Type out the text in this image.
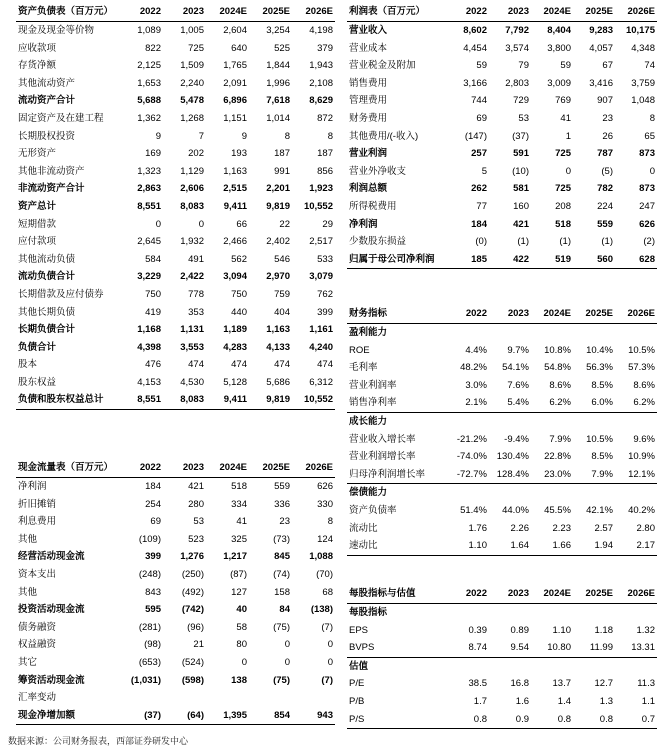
资产负债表（百万元）	2022	2023	2024E	2025E	2026E
现金及现金等价物	1,089	1,005	2,604	3,254	4,198
应收款项	822	725	640	525	379
存货净额	2,125	1,509	1,765	1,844	1,943
其他流动资产	1,653	2,240	2,091	1,996	2,108
流动资产合计	5,688	5,478	6,896	7,618	8,629
固定资产及在建工程	1,362	1,268	1,151	1,014	872
长期股权投资	9	7	9	8	8
无形资产	169	202	193	187	187
其他非流动资产	1,323	1,129	1,163	991	856
非流动资产合计	2,863	2,606	2,515	2,201	1,923
资产总计	8,551	8,083	9,411	9,819	10,552
短期借款	0	0	66	22	29
应付款项	2,645	1,932	2,466	2,402	2,517
其他流动负债	584	491	562	546	533
流动负债合计	3,229	2,422	3,094	2,970	3,079
长期借款及应付债券	750	778	750	759	762
其他长期负债	419	353	440	404	399
长期负债合计	1,168	1,131	1,189	1,163	1,161
负债合计	4,398	3,553	4,283	4,133	4,240
股本	476	474	474	474	474
股东权益	4,153	4,530	5,128	5,686	6,312
负债和股东权益总计	8,551	8,083	9,411	9,819	10,552
利润表（百万元）	2022	2023	2024E	2025E	2026E
营业收入	8,602	7,792	8,404	9,283	10,175
营业成本	4,454	3,574	3,800	4,057	4,348
营业税金及附加	59	79	59	67	74
销售费用	3,166	2,803	3,009	3,416	3,759
管理费用	744	729	769	907	1,048
财务费用	69	53	41	23	8
其他费用/(-收入)	(147)	(37)	1	26	65
营业利润	257	591	725	787	873
营业外净收支	5	(10)	0	(5)	0
利润总额	262	581	725	782	873
所得税费用	77	160	208	224	247
净利润	184	421	518	559	626
少数股东损益	(0)	(1)	(1)	(1)	(2)
归属于母公司净利润	185	422	519	560	628
财务指标	2022	2023	2024E	2025E	2026E
盈利能力					
ROE	4.4%	9.7%	10.8%	10.4%	10.5%
毛利率	48.2%	54.1%	54.8%	56.3%	57.3%
营业利润率	3.0%	7.6%	8.6%	8.5%	8.6%
销售净利率	2.1%	5.4%	6.2%	6.0%	6.2%
成长能力					
营业收入增长率	-21.2%	-9.4%	7.9%	10.5%	9.6%
营业利润增长率	-74.0%	130.4%	22.8%	8.5%	10.9%
归母净利润增长率	-72.7%	128.4%	23.0%	7.9%	12.1%
偿债能力					
资产负债率	51.4%	44.0%	45.5%	42.1%	40.2%
流动比	1.76	2.26	2.23	2.57	2.80
速动比	1.10	1.64	1.66	1.94	2.17
现金流量表（百万元）	2022	2023	2024E	2025E	2026E
净利润	184	421	518	559	626
折旧摊销	254	280	334	336	330
利息费用	69	53	41	23	8
其他	(109)	523	325	(73)	124
经营活动现金流	399	1,276	1,217	845	1,088
资本支出	(248)	(250)	(87)	(74)	(70)
其他	843	(492)	127	158	68
投资活动现金流	595	(742)	40	84	(138)
债务融资	(281)	(96)	58	(75)	(7)
权益融资	(98)	21	80	0	0
其它	(653)	(524)	0	0	0
筹资活动现金流	(1,031)	(598)	138	(75)	(7)
汇率变动					
现金净增加额	(37)	(64)	1,395	854	943
每股指标与估值	2022	2023	2024E	2025E	2026E
每股指标					
EPS	0.39	0.89	1.10	1.18	1.32
BVPS	8.74	9.54	10.80	11.99	13.31
估值					
P/E	38.5	16.8	13.7	12.7	11.3
P/B	1.7	1.6	1.4	1.3	1.1
P/S	0.8	0.9	0.8	0.8	0.7
数据来源：公司财务报表，西部证券研发中心
